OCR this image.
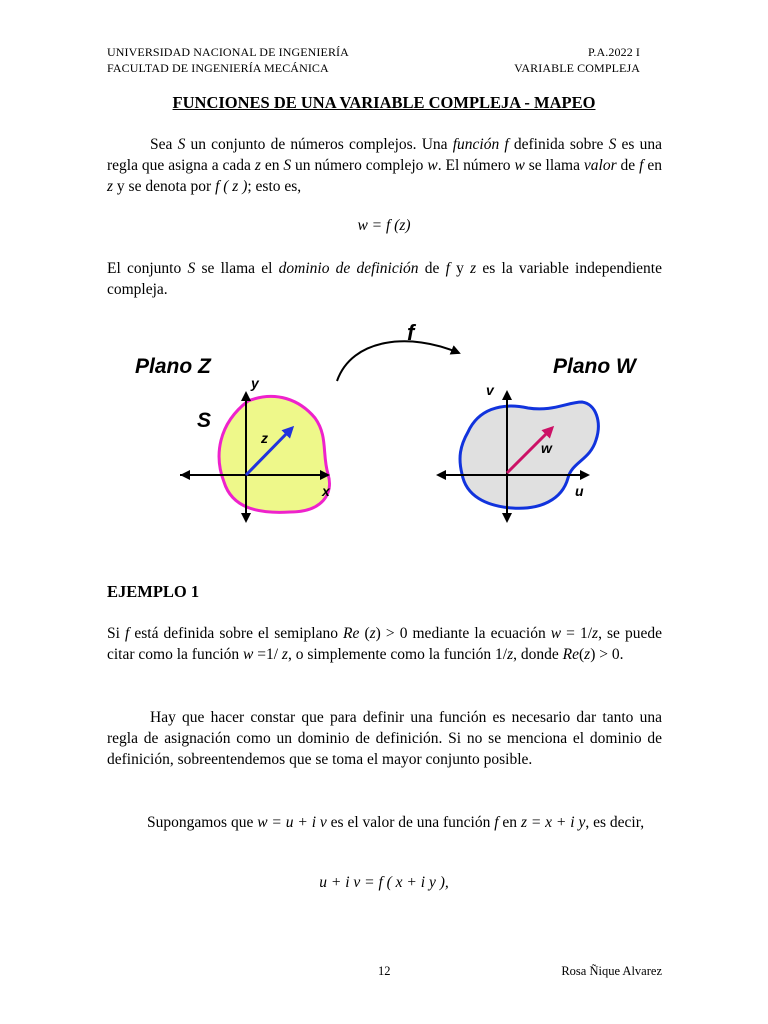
UNIVERSIDAD NACIONAL DE INGENIERÍA
FACULTAD DE INGENIERÍA MECÁNICA
P.A.2022 I
VARIABLE COMPLEJA
FUNCIONES DE UNA VARIABLE COMPLEJA - MAPEO
Sea S un conjunto de números complejos. Una función f definida sobre S es una regla que asigna a cada z en S un número complejo w. El número w se llama valor de f en z y se denota por f ( z ); esto es,
w = f (z)
El conjunto S se llama el dominio de definición de f y z es la variable independiente compleja.
Plano Z	Plano W
f
S
z
w
x
y
u
v
EJEMPLO 1
Si f está definida sobre el semiplano Re (z) > 0 mediante la ecuación w = 1/z, se puede citar como la función w =1/ z, o simplemente como la función 1/z, donde Re(z) > 0.
Hay que hacer constar que para definir una función es necesario dar tanto una regla de asignación como un dominio de definición. Si no se menciona el dominio de definición, sobreentendemos que se toma el mayor conjunto posible.
Supongamos que w = u + i v es el valor de una función f en z = x + i y, es decir,
u + i v = f ( x + i y ),
12	Rosa Ñique Alvarez
